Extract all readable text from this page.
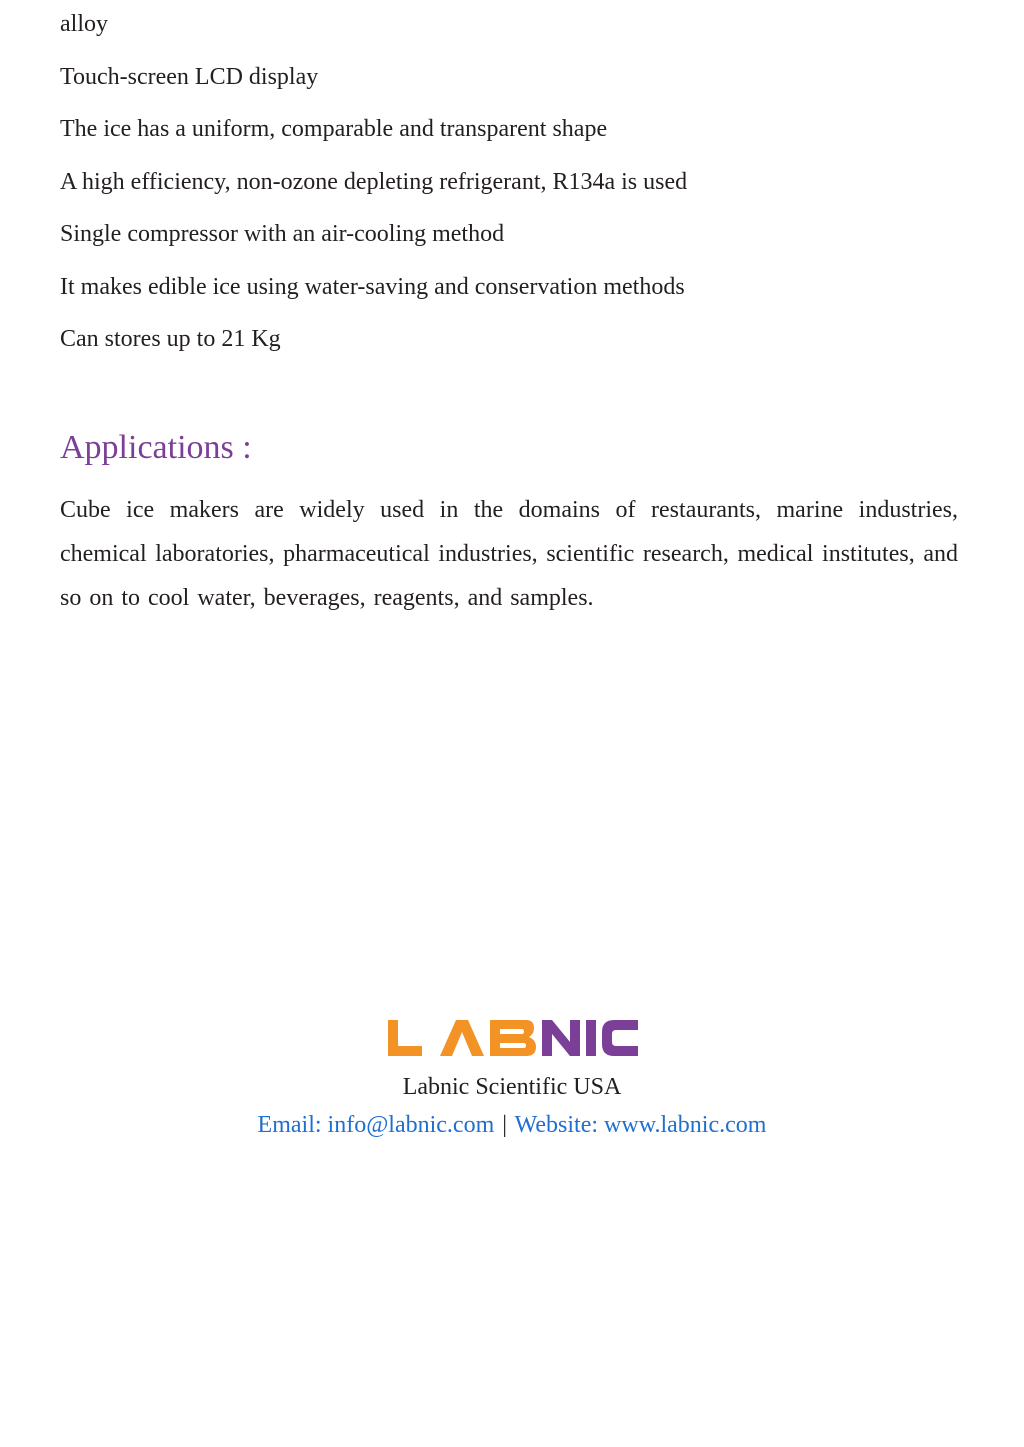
alloy
Touch-screen LCD display
The ice has a uniform, comparable and transparent shape
A high efficiency, non-ozone depleting refrigerant, R134a is used
Single compressor with an air-cooling method
It makes edible ice using water-saving and conservation methods
Can stores up to 21 Kg
Applications :
Cube ice makers are widely used in the domains of restaurants, marine industries, chemical laboratories, pharmaceutical industries, scientific research, medical institutes, and so on to cool water, beverages, reagents, and samples.
Labnic Scientific USA
Email: info@labnic.com | Website: www.labnic.com
